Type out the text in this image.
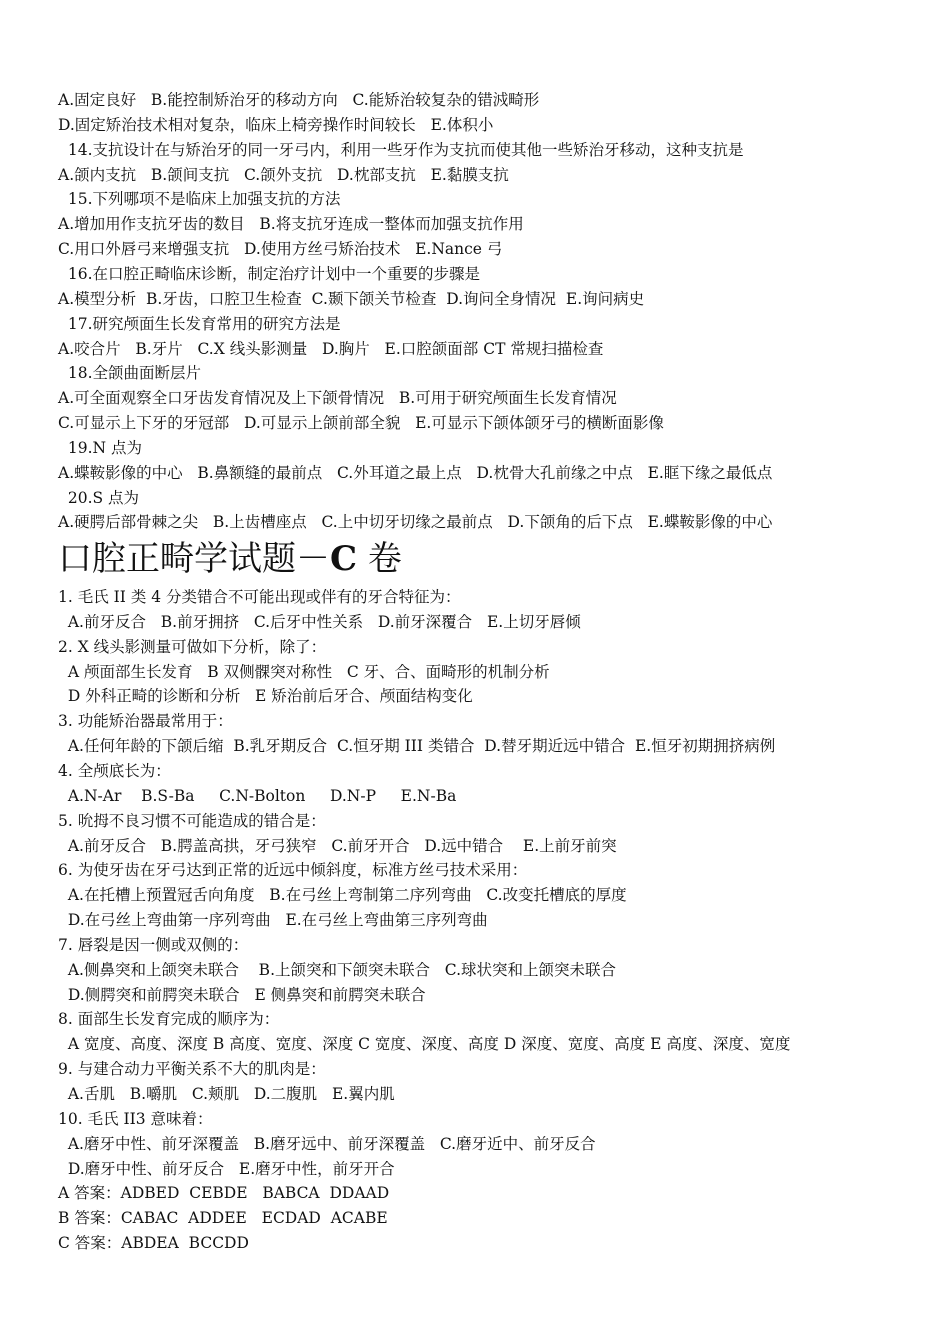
A.固定良好   B.能控制矫治牙的移动方向   C.能矫治较复杂的错㳚畸形
D.固定矫治技术相对复杂，临床上椅旁操作时间较长   E.体积小
14.支抗设计在与矫治牙的同一牙弓内，利用一些牙作为支抗而使其他一些矫治牙移动，这种支抗是
A.颌内支抗   B.颌间支抗   C.颌外支抗   D.枕部支抗   E.黏膜支抗
15.下列哪项不是临床上加强支抗的方法
A.增加用作支抗牙齿的数目   B.将支抗牙连成一整体而加强支抗作用
C.用口外唇弓来增强支抗   D.使用方丝弓矫治技术   E.Nance 弓
16.在口腔正畸临床诊断，制定治疗计划中一个重要的步骤是
A.模型分析  B.牙齿，口腔卫生检查  C.颞下颌关节检查  D.询问全身情况  E.询问病史
17.研究颅面生长发育常用的研究方法是
A.咬合片   B.牙片   C.X 线头影测量   D.胸片   E.口腔颌面部 CT 常规扫描检查
18.全颌曲面断层片
A.可全面观察全口牙齿发育情况及上下颌骨情况   B.可用于研究颅面生长发育情况
C.可显示上下牙的牙冠部   D.可显示上颌前部全貌   E.可显示下颌体颌牙弓的横断面影像
19.N 点为
A.蝶鞍影像的中心   B.鼻额缝的最前点   C.外耳道之最上点   D.枕骨大孔前缘之中点   E.眶下缘之最低点
20.S 点为
A.硬腭后部骨棘之尖   B.上齿槽座点   C.上中切牙切缘之最前点   D.下颌角的后下点   E.蝶鞍影像的中心
口腔正畸学试题－C 卷
1. 毛氏 II 类 4 分类错合不可能出现或伴有的牙合特征为：
A.前牙反合   B.前牙拥挤   C.后牙中性关系   D.前牙深覆合   E.上切牙唇倾
2. X 线头影测量可做如下分析，除了：
A 颅面部生长发育   B 双侧髁突对称性   C 牙、合、面畸形的机制分析
D 外科正畸的诊断和分析   E 矫治前后牙合、颅面结构变化
3. 功能矫治器最常用于：
A.任何年龄的下颌后缩  B.乳牙期反合  C.恒牙期 III 类错合  D.替牙期近远中错合  E.恒牙初期拥挤病例
4. 全颅底长为：
A.N-Ar    B.S-Ba     C.N-Bolton     D.N-P     E.N-Ba
5. 吮拇不良习惯不可能造成的错合是：
A.前牙反合   B.腭盖高拱，牙弓狭窄   C.前牙开合   D.远中错合    E.上前牙前突
6. 为使牙齿在牙弓达到正常的近远中倾斜度，标准方丝弓技术采用：
A.在托槽上预置冠舌向角度   B.在弓丝上弯制第二序列弯曲   C.改变托槽底的厚度
D.在弓丝上弯曲第一序列弯曲   E.在弓丝上弯曲第三序列弯曲
7. 唇裂是因一侧或双侧的：
A.侧鼻突和上颌突未联合    B.上颌突和下颌突未联合   C.球状突和上颌突未联合
D.侧腭突和前腭突未联合   E 侧鼻突和前腭突未联合
8. 面部生长发育完成的顺序为：
A 宽度、高度、深度 B 高度、宽度、深度 C 宽度、深度、高度 D 深度、宽度、高度 E 高度、深度、宽度
9. 与建合动力平衡关系不大的肌肉是：
A.舌肌   B.嚼肌   C.颊肌   D.二腹肌   E.翼内肌
10. 毛氏 II3 意味着：
A.磨牙中性、前牙深覆盖   B.磨牙远中、前牙深覆盖   C.磨牙近中、前牙反合
D.磨牙中性、前牙反合   E.磨牙中性，前牙开合
A 答案：ADBED  CEBDE   BABCA  DDAAD
B 答案：CABAC  ADDEE   ECDAD  ACABE
C 答案：ABDEA  BCCDD
